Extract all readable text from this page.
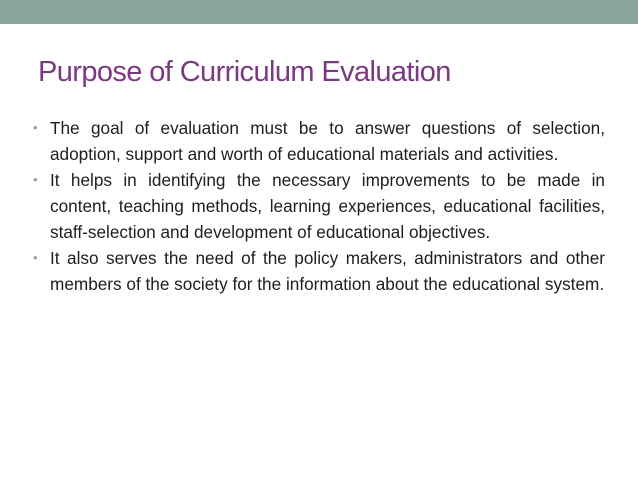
Purpose of Curriculum Evaluation
• The goal of evaluation must be to answer questions of selection, adoption, support and worth of educational materials and activities.
• It helps in identifying the necessary improvements to be made in content, teaching methods, learning experiences, educational facilities, staff-selection and development of educational objectives.
• It also serves the need of the policy makers, administrators and other members of the society for the information about the educational system.
